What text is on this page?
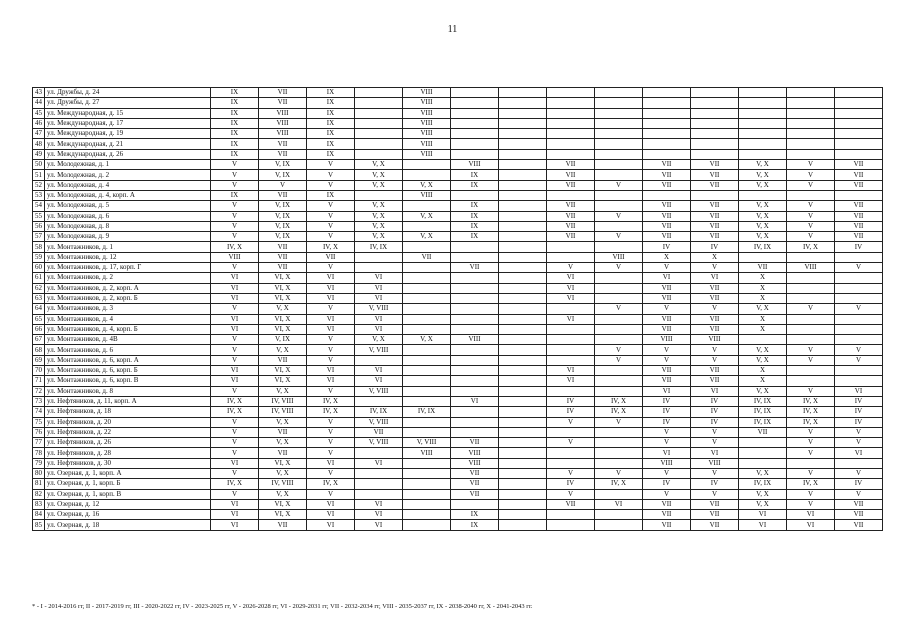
11
43	ул. Дружбы, д. 24	IX	VII	IX		VIII									
44	ул. Дружбы, д. 27	IX	VII	IX		VIII									
45	ул. Международная, д. 15	IX	VIII	IX		VIII									
46	ул. Международная, д. 17	IX	VIII	IX		VIII									
47	ул. Международная, д. 19	IX	VIII	IX		VIII									
48	ул. Международная, д. 21	IX	VII	IX		VIII									
49	ул. Международная, д. 26	IX	VII	IX		VIII									
50	ул. Молодежная, д. 1	V	V, IX	V	V, X		VIII		VII		VII	VII	V, X	V	VII
51	ул. Молодежная, д. 2	V	V, IX	V	V, X		IX		VII		VII	VII	V, X	V	VII
52	ул. Молодежная, д. 4	V	V	V	V, X	V, X	IX		VII	V	VII	VII	V, X	V	VII
53	ул. Молодежная, д. 4, корп. А	IX	VII	IX		VIII									
54	ул. Молодежная, д. 5	V	V, IX	V	V, X		IX		VII		VII	VII	V, X	V	VII
55	ул. Молодежная, д. 6	V	V, IX	V	V, X	V, X	IX		VII	V	VII	VII	V, X	V	VII
56	ул. Молодежная, д. 8	V	V, IX	V	V, X		IX		VII		VII	VII	V, X	V	VII
57	ул. Молодежная, д. 9	V	V, IX	V	V, X	V, X	IX		VII	V	VII	VII	V, X	V	VII
58	ул. Монтажников, д. 1	IV, X	VII	IV, X	IV, IX						IV	IV	IV, IX	IV, X	IV
59	ул. Монтажников, д. 12	VIII	VII	VII		VII				VIII	X	X			
60	ул. Монтажников, д. 17, корп. Г	V	VII	V			VII		V	V	V	V	VII	VIII	V
61	ул. Монтажников, д. 2	VI	VI, X	VI	VI				VI		VI	VI	X		
62	ул. Монтажников, д. 2, корп. А	VI	VI, X	VI	VI				VI		VII	VII	X		
63	ул. Монтажников, д. 2, корп. Б	VI	VI, X	VI	VI				VI		VII	VII	X		
64	ул. Монтажников, д. 3	V	V, X	V	V, VIII					V	V	V	V, X	V	V
65	ул. Монтажников, д. 4	VI	VI, X	VI	VI				VI		VII	VII	X		
66	ул. Монтажников, д. 4, корп. Б	VI	VI, X	VI	VI						VII	VII	X		
67	ул. Монтажников, д. 4В	V	V, IX	V	V, X	V, X	VIII				VIII	VIII			
68	ул. Монтажников, д. 6	V	V, X	V	V, VIII					V	V	V	V, X	V	V
69	ул. Монтажников, д. 6, корп. А	V	VII	V						V	V	V	V, X	V	V
70	ул. Монтажников, д. 6, корп. Б	VI	VI, X	VI	VI				VI		VII	VII	X		
71	ул. Монтажников, д. 6, корп. В	VI	VI, X	VI	VI				VI		VII	VII	X		
72	ул. Монтажников, д. 8	V	V, X	V	V, VIII						VI	VI	V, X	V	VI
73	ул. Нефтяников, д. 11, корп. А	IV, X	IV, VIII	IV, X			VI		IV	IV, X	IV	IV	IV, IX	IV, X	IV
74	ул. Нефтяников, д. 18	IV, X	IV, VIII	IV, X	IV, IX	IV, IX			IV	IV, X	IV	IV	IV, IX	IV, X	IV
75	ул. Нефтяников, д. 20	V	V, X	V	V, VIII				V	V	IV	IV	IV, IX	IV, X	IV
76	ул. Нефтяников, д. 22	V	VII	V	VII						V	V	VII	V	V
77	ул. Нефтяников, д. 26	V	V, X	V	V, VIII	V, VIII	VII		V		V	V		V	V
78	ул. Нефтяников, д. 28	V	VII	V		VIII	VIII				VI	VI		V	VI
79	ул. Нефтяников, д. 30	VI	VI, X	VI	VI		VIII				VIII	VIII			
80	ул. Озерная, д. 1, корп. А	V	V, X	V			VII		V	V	V	V	V, X	V	V
81	ул. Озерная, д. 1, корп. Б	IV, X	IV, VIII	IV, X			VII		IV	IV, X	IV	IV	IV, IX	IV, X	IV
82	ул. Озерная, д. 1, корп. В	V	V, X	V			VII		V		V	V	V, X	V	V
83	ул. Озерная, д. 12	VI	VI, X	VI	VI				VII	VI	VII	VII	V, X	V	VII
84	ул. Озерная, д. 16	VI	VI, X	VI	VI		IX				VII	VII	VI	VI	VII
85	ул. Озерная, д. 18	VI	VII	VI	VI		IX				VII	VII	VI	VI	VII
* - I - 2014-2016 гг, II - 2017-2019 гг, III - 2020-2022 гг, IV - 2023-2025 гг, V - 2026-2028 гг, VI - 2029-2031 гг, VII - 2032-2034 гг, VIII - 2035-2037 гг, IX - 2038-2040 гг, X - 2041-2043 гг.
